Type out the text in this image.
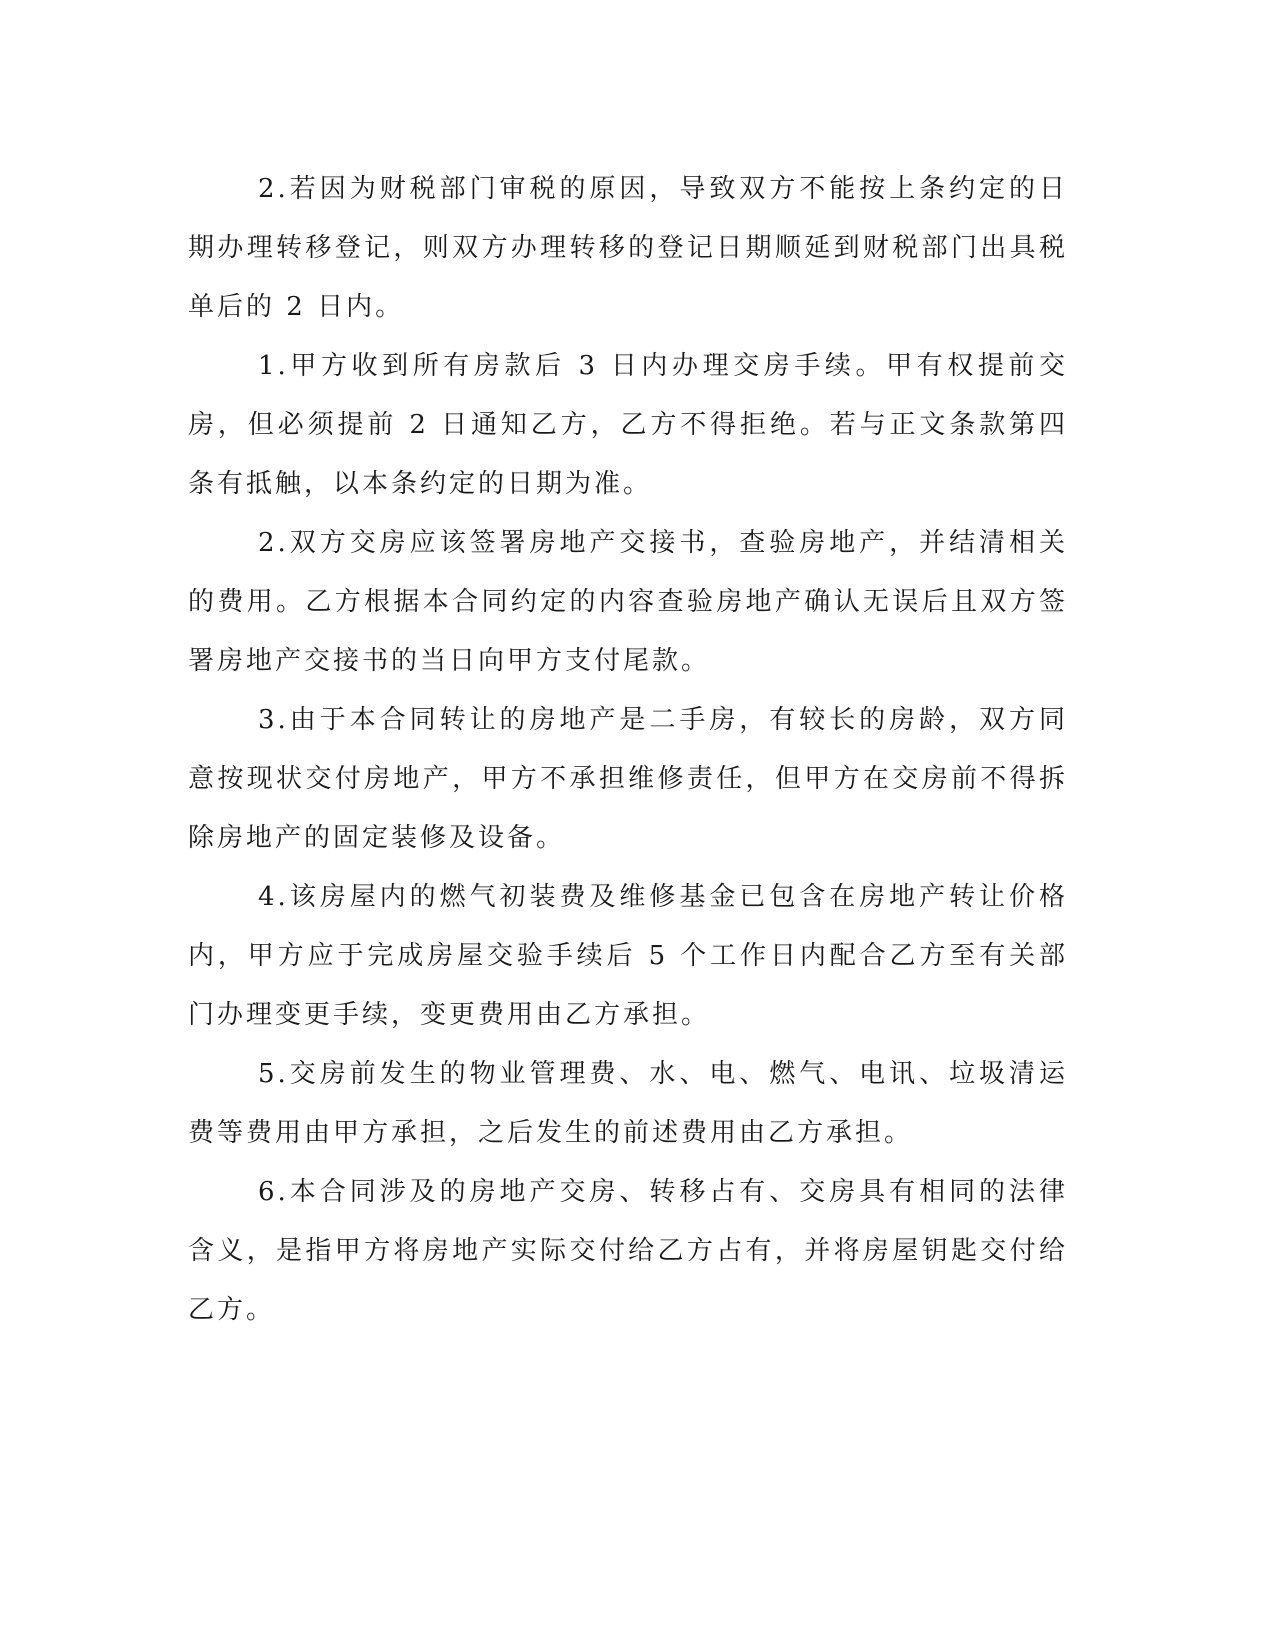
2.若因为财税部门审税的原因，导致双方不能按上条约定的日期办理转移登记，则双方办理转移的登记日期顺延到财税部门出具税单后的 2 日内。

1.甲方收到所有房款后 3 日内办理交房手续。甲有权提前交房，但必须提前 2 日通知乙方，乙方不得拒绝。若与正文条款第四条有抵触，以本条约定的日期为准。

2.双方交房应该签署房地产交接书，查验房地产，并结清相关的费用。乙方根据本合同约定的内容查验房地产确认无误后且双方签署房地产交接书的当日向甲方支付尾款。

3.由于本合同转让的房地产是二手房，有较长的房龄，双方同意按现状交付房地产，甲方不承担维修责任，但甲方在交房前不得拆除房地产的固定装修及设备。

4.该房屋内的燃气初装费及维修基金已包含在房地产转让价格内，甲方应于完成房屋交验手续后 5 个工作日内配合乙方至有关部门办理变更手续，变更费用由乙方承担。

5.交房前发生的物业管理费、水、电、燃气、电讯、垃圾清运费等费用由甲方承担，之后发生的前述费用由乙方承担。

6.本合同涉及的房地产交房、转移占有、交房具有相同的法律含义，是指甲方将房地产实际交付给乙方占有，并将房屋钥匙交付给乙方。
